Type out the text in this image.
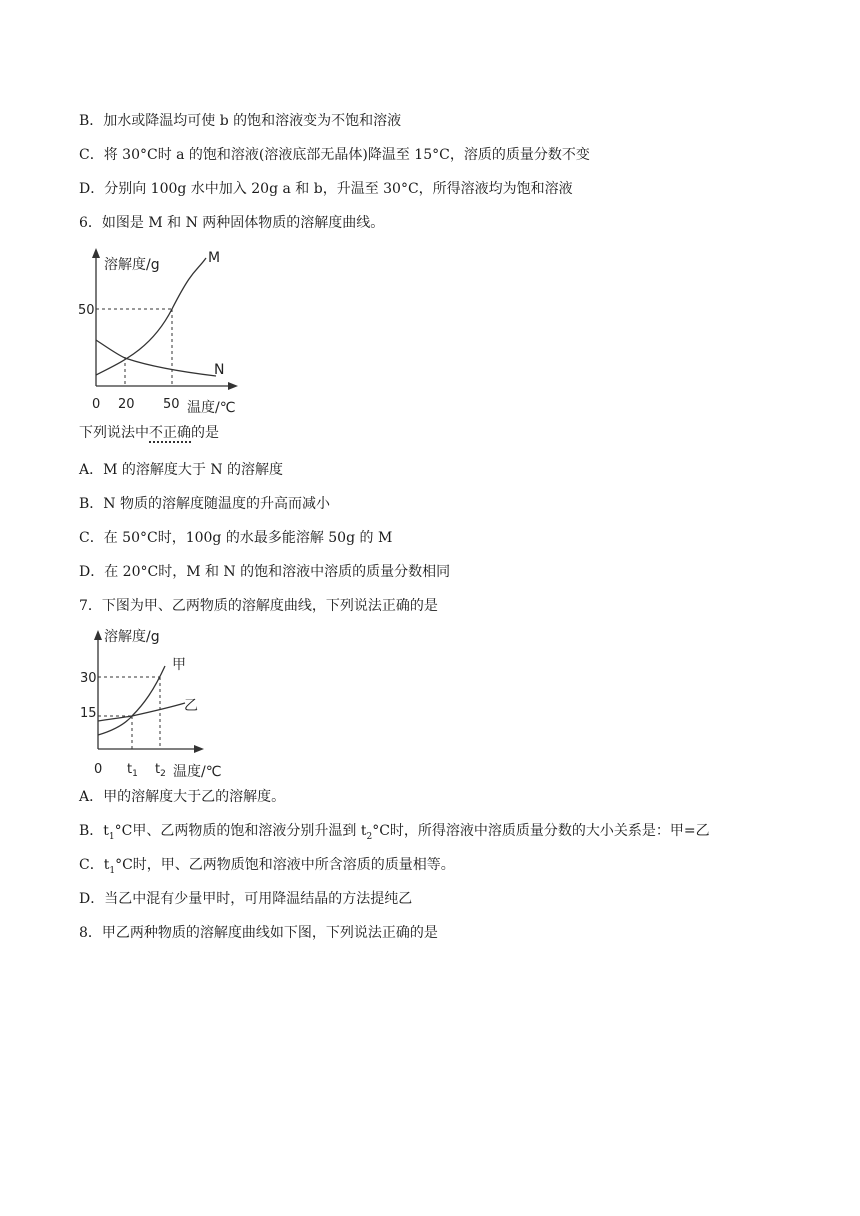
B．加水或降温均可使 b 的饱和溶液变为不饱和溶液
C．将 30°C时 a 的饱和溶液(溶液底部无晶体)降温至 15°C，溶质的质量分数不变
D．分别向 100g 水中加入 20g a 和 b，升温至 30°C，所得溶液均为饱和溶液
6．如图是 M 和 N 两种固体物质的溶解度曲线。
溶解度/g
50
0 20 50 温度/℃
M
N
下列说法中不正确的是
A．M 的溶解度大于 N 的溶解度
B．N 物质的溶解度随温度的升高而减小
C．在 50°C时，100g 的水最多能溶解 50g 的 M
D．在 20°C时，M 和 N 的饱和溶液中溶质的质量分数相同
7．下图为甲、乙两物质的溶解度曲线，下列说法正确的是
溶解度/g
30
15
0 $t_1$ $t_2$ 温度/℃
甲
乙
A．甲的溶解度大于乙的溶解度。
B．$t_1^\circ C$甲、乙两物质的饱和溶液分别升温到 $t_2^\circ C$时，所得溶液中溶质质量分数的大小关系是：甲=乙
C．$t_1^\circ C$时，甲、乙两物质饱和溶液中所含溶质的质量相等。
D．当乙中混有少量甲时，可用降温结晶的方法提纯乙
8．甲乙两种物质的溶解度曲线如下图，下列说法正确的是
